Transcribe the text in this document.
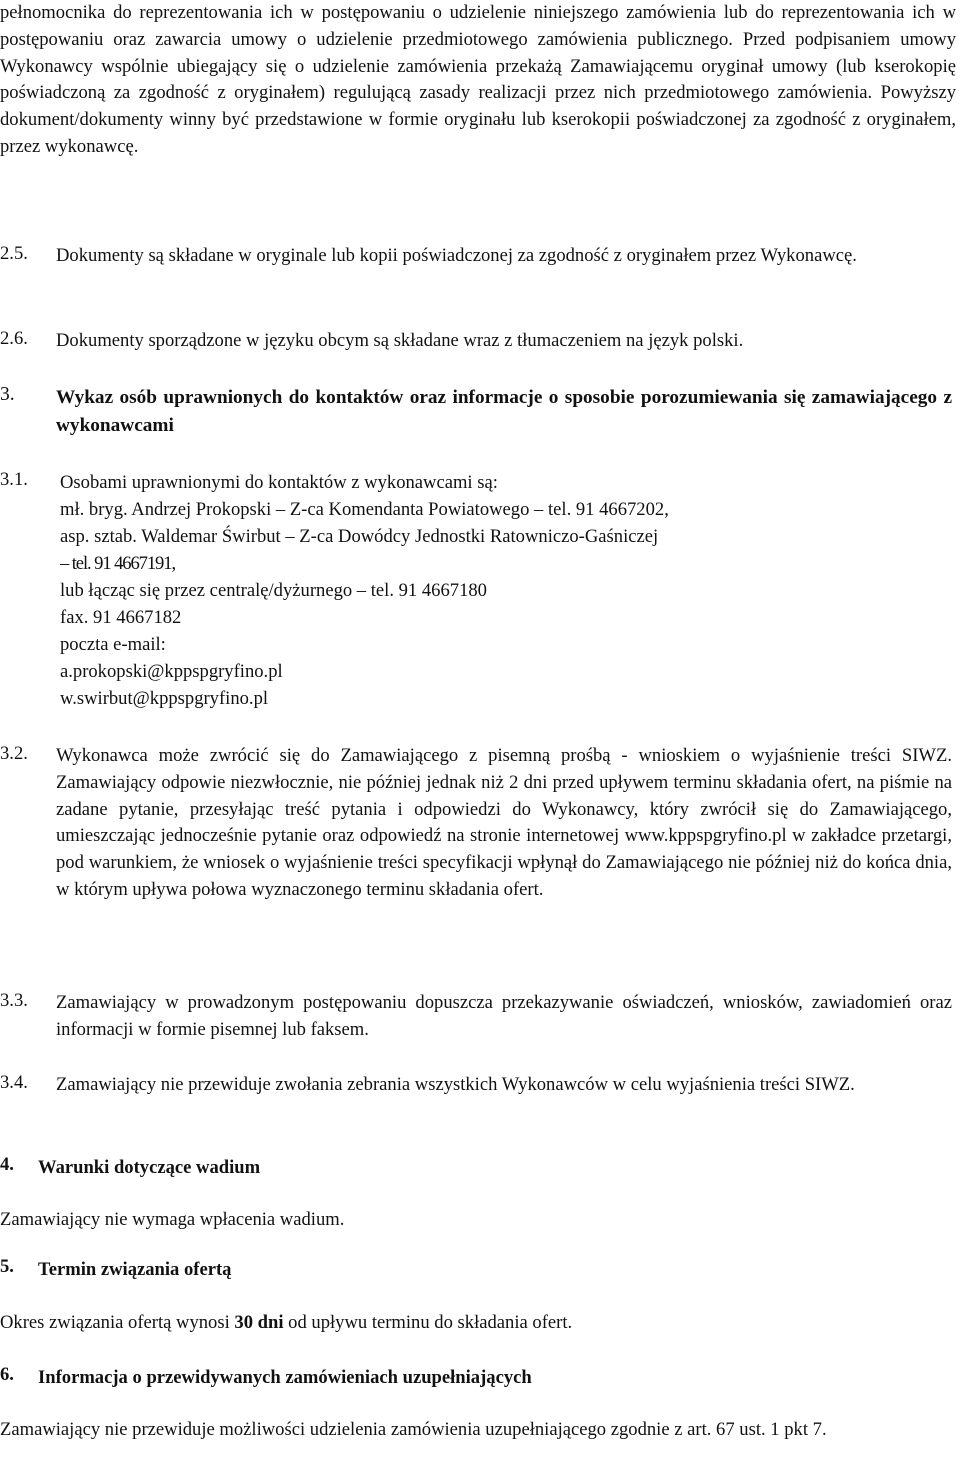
pełnomocnika do reprezentowania ich w postępowaniu o udzielenie niniejszego zamówienia lub do reprezentowania ich w postępowaniu oraz zawarcia umowy o udzielenie przedmiotowego zamówienia publicznego. Przed podpisaniem umowy Wykonawcy wspólnie ubiegający się o udzielenie zamówienia przekażą Zamawiającemu oryginał umowy (lub kserokopię poświadczoną za zgodność z oryginałem) regulującą zasady realizacji przez nich przedmiotowego zamówienia. Powyższy dokument/dokumenty winny być przedstawione w formie oryginału lub kserokopii poświadczonej za zgodność z oryginałem, przez wykonawcę.

2.5. Dokumenty są składane w oryginale lub kopii poświadczonej za zgodność z oryginałem przez Wykonawcę.

2.6. Dokumenty sporządzone w języku obcym są składane wraz z tłumaczeniem na język polski.

3. Wykaz osób uprawnionych do kontaktów oraz informacje o sposobie porozumiewania się zamawiającego z wykonawcami

3.1. Osobami uprawnionymi do kontaktów z wykonawcami są:
mł. bryg. Andrzej Prokopski – Z-ca Komendanta Powiatowego – tel. 91 4667202,
asp. sztab. Waldemar Świrbut – Z-ca Dowódcy Jednostki Ratowniczo-Gaśniczej
– tel. 91 4667191,
lub łącząc się przez centralę/dyżurnego – tel. 91 4667180
fax. 91 4667182
poczta e-mail:
a.prokopski@kppspgryfino.pl
w.swirbut@kppspgryfino.pl
3.2. Wykonawca może zwrócić się do Zamawiającego z pisemną prośbą - wnioskiem o wyjaśnienie treści SIWZ. Zamawiający odpowie niezwłocznie, nie później jednak niż 2 dni przed upływem terminu składania ofert, na piśmie na zadane pytanie, przesyłając treść pytania i odpowiedzi do Wykonawcy, który zwrócił się do Zamawiającego, umieszczając jednocześnie pytanie oraz odpowiedź na stronie internetowej www.kppspgryfino.pl w zakładce przetargi, pod warunkiem, że wniosek o wyjaśnienie treści specyfikacji wpłynął do Zamawiającego nie później niż do końca dnia, w którym upływa połowa wyznaczonego terminu składania ofert.

3.3. Zamawiający w prowadzonym postępowaniu dopuszcza przekazywanie oświadczeń, wniosków, zawiadomień oraz informacji w formie pisemnej lub faksem.

3.4. Zamawiający nie przewiduje zwołania zebrania wszystkich Wykonawców w celu wyjaśnienia treści SIWZ.

4. Warunki dotyczące wadium
Zamawiający nie wymaga wpłacenia wadium.
5. Termin związania ofertą
Okres związania ofertą wynosi 30 dni od upływu terminu do składania ofert.
6. Informacja o przewidywanych zamówieniach uzupełniających

Zamawiający nie przewiduje możliwości udzielenia zamówienia uzupełniającego zgodnie z art. 67 ust. 1 pkt 7.
